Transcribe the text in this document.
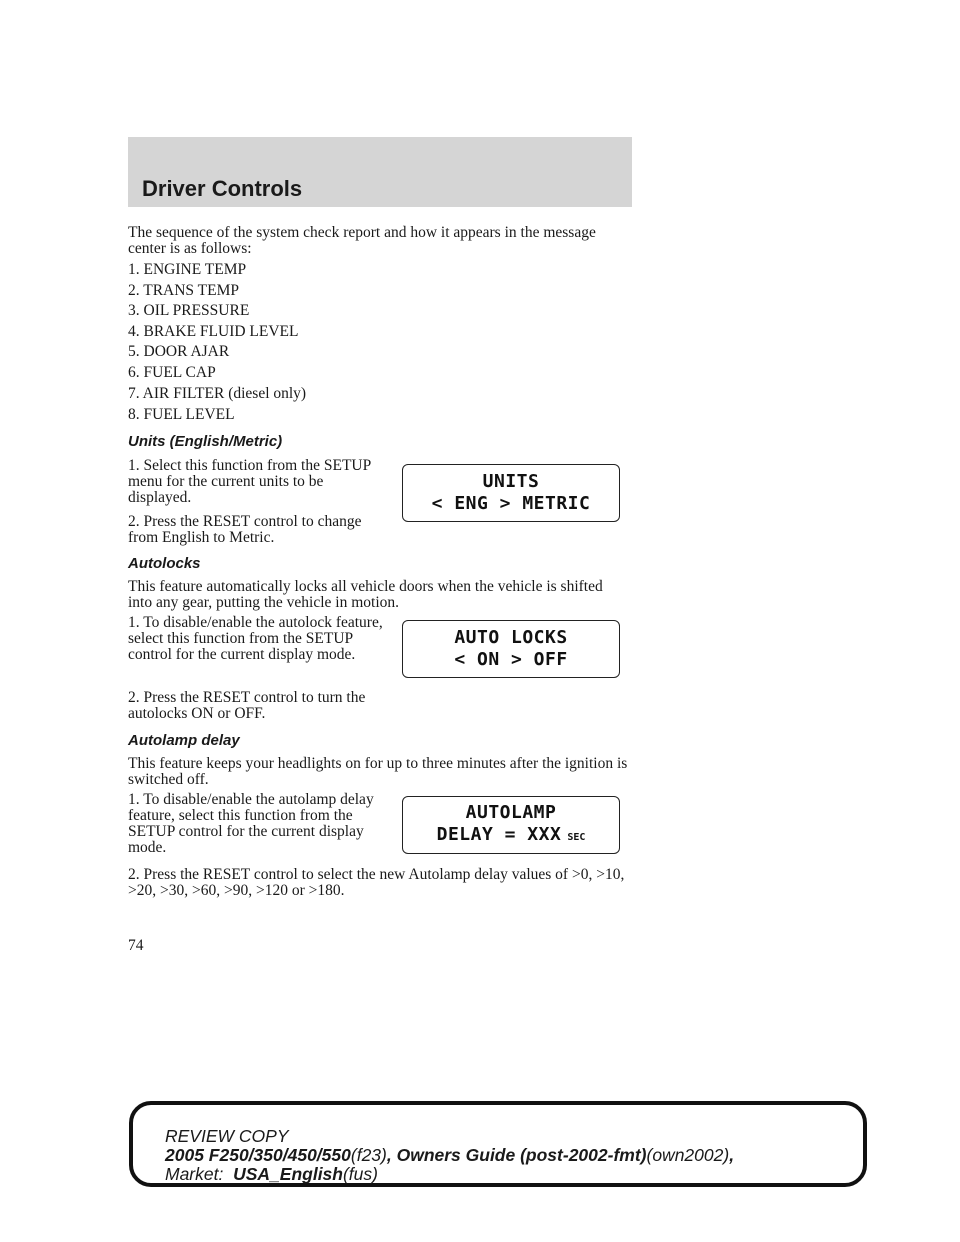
Driver Controls

The sequence of the system check report and how it appears in the message center is as follows:

1. ENGINE TEMP

2. TRANS TEMP

3. OIL PRESSURE

4. BRAKE FLUID LEVEL

5. DOOR AJAR

6. FUEL CAP

7. AIR FILTER (diesel only)

8. FUEL LEVEL

Units (English/Metric)

1. Select this function from the SETUP menu for the current units to be displayed.

2. Press the RESET control to change from English to Metric.

UNITS
< ENG > METRIC
Autolocks

This feature automatically locks all vehicle doors when the vehicle is shifted into any gear, putting the vehicle in motion.

1. To disable/enable the autolock feature, select this function from the SETUP control for the current display mode.

2. Press the RESET control to turn the autolocks ON or OFF.

AUTO LOCKS
< ON > OFF
Autolamp delay

This feature keeps your headlights on for up to three minutes after the ignition is switched off.

1. To disable/enable the autolamp delay feature, select this function from the SETUP control for the current display mode.

2. Press the RESET control to select the new Autolamp delay values of >0, >10, >20, >30, >60, >90, >120 or >180.

AUTOLAMP
DELAY = XXX SEC

74

REVIEW COPY

2005 F250/350/450/550(f23), Owners Guide (post-2002-fmt)(own2002),

Market: USA_English(fus)
